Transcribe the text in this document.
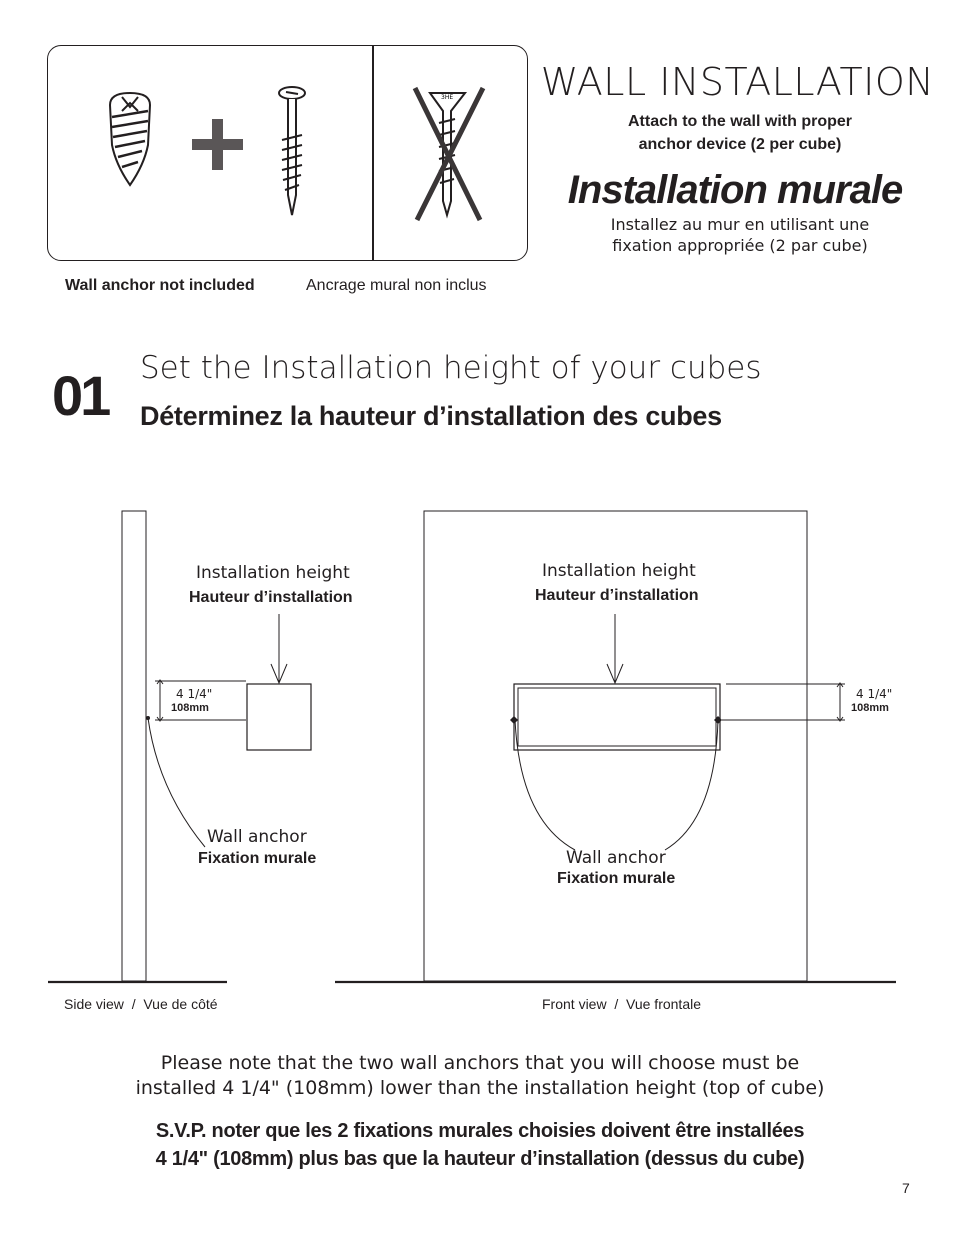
3HE
Wall anchor not included	Ancrage mural non inclus
WALL INSTALLATION
Attach to the wall with proper
anchor device (2 per cube)
Installation murale
Installez au mur en utilisant une
fixation appropriée (2 par cube)
01 Set the Installation height of your cubes
Déterminez la hauteur d’installation des cubes
Installation height
Hauteur d’installation
4 1/4"
108mm
Wall anchor
Fixation murale
Side view  /  Vue de côté
Installation height
Hauteur d’installation
4 1/4"
108mm
Wall anchor
Fixation murale
Front view  /  Vue frontale
Please note that the two wall anchors that you will choose must be
installed 4 1/4" (108mm) lower than the installation height (top of cube)
S.V.P. noter que les 2 fixations murales choisies doivent être installées
4 1/4" (108mm) plus bas que la hauteur d’installation (dessus du cube)
7
